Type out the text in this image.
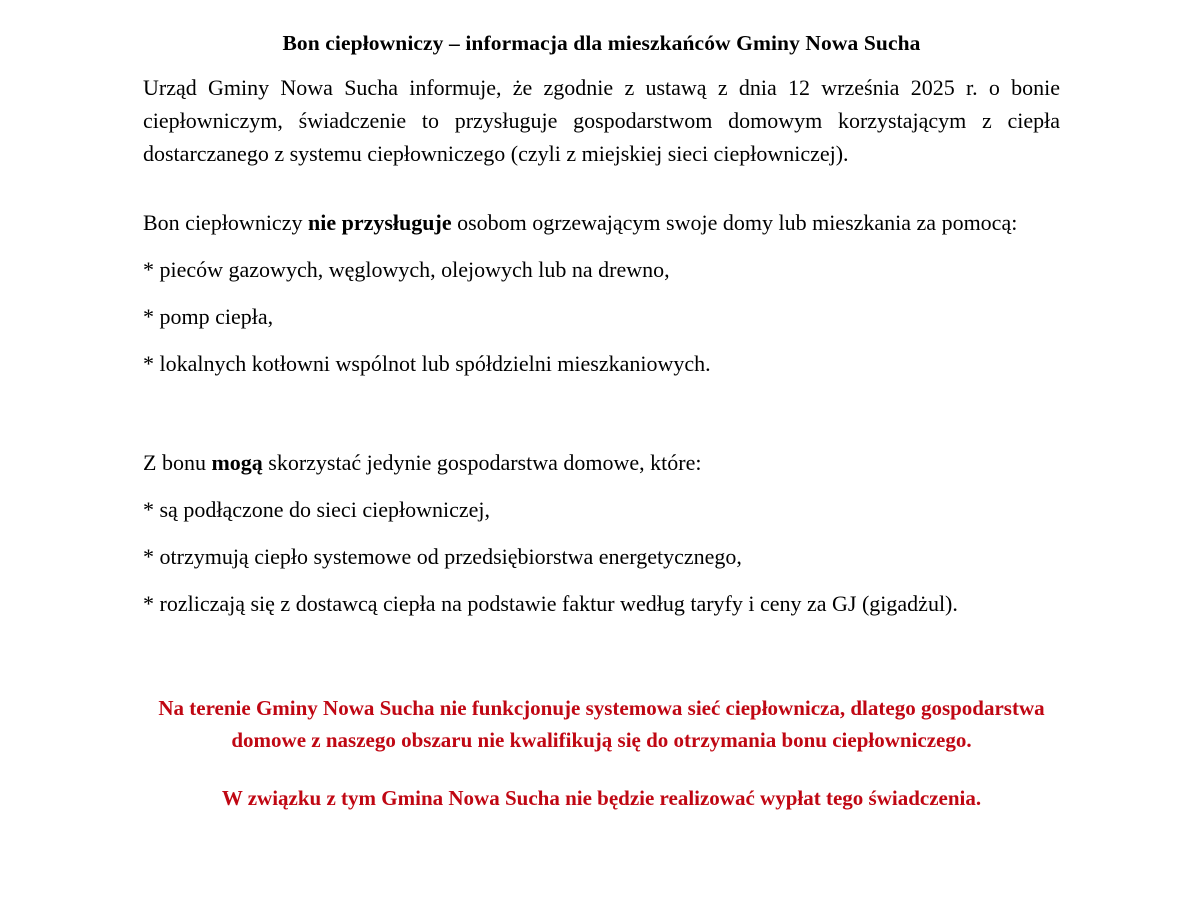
Bon ciepłowniczy – informacja dla mieszkańców Gminy Nowa Sucha

Urząd Gminy Nowa Sucha informuje, że zgodnie z ustawą z dnia 12 września 2025 r. o bonie ciepłowniczym, świadczenie to przysługuje gospodarstwom domowym korzystającym z ciepła dostarczanego z systemu ciepłowniczego (czyli z miejskiej sieci ciepłowniczej).

Bon ciepłowniczy nie przysługuje osobom ogrzewającym swoje domy lub mieszkania za pomocą:

* pieców gazowych, węglowych, olejowych lub na drewno,

* pomp ciepła,

* lokalnych kotłowni wspólnot lub spółdzielni mieszkaniowych.

Z bonu mogą skorzystać jedynie gospodarstwa domowe, które:

* są podłączone do sieci ciepłowniczej,

* otrzymują ciepło systemowe od przedsiębiorstwa energetycznego,

* rozliczają się z dostawcą ciepła na podstawie faktur według taryfy i ceny za GJ (gigadżul).

Na terenie Gminy Nowa Sucha nie funkcjonuje systemowa sieć ciepłownicza, dlatego gospodarstwa domowe z naszego obszaru nie kwalifikują się do otrzymania bonu ciepłowniczego.

W związku z tym Gmina Nowa Sucha nie będzie realizować wypłat tego świadczenia.
